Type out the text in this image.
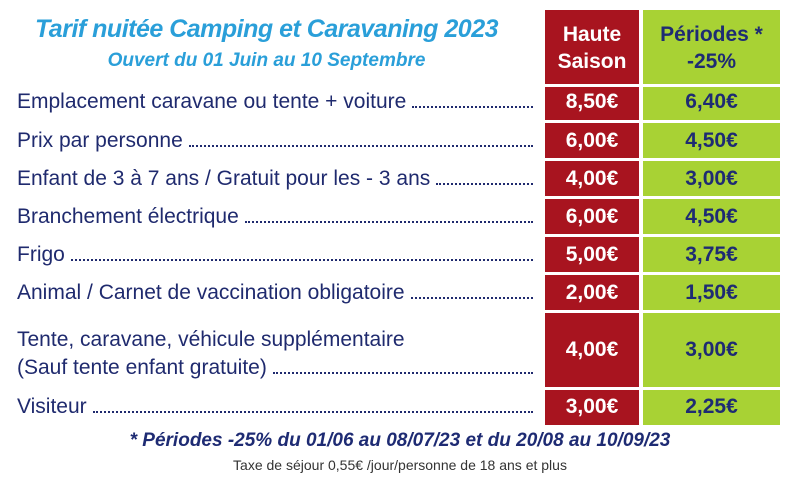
Tarif nuitée Camping et Caravaning 2023
Ouvert du 01 Juin au 10 Septembre
Haute
Saison
Périodes *
-25%
Emplacement caravane ou tente + voiture	8,50€	6,40€
Prix par personne	6,00€	4,50€
Enfant de 3 à 7 ans / Gratuit pour les - 3 ans	4,00€	3,00€
Branchement électrique	6,00€	4,50€
Frigo	5,00€	3,75€
Animal / Carnet de vaccination obligatoire	2,00€	1,50€
Tente, caravane, véhicule supplémentaire
(Sauf tente enfant gratuite)
4,00€	3,00€
Visiteur	3,00€	2,25€
* Périodes -25% du 01/06 au 08/07/23 et du 20/08 au 10/09/23
Taxe de séjour 0,55€ /jour/personne de 18 ans et plus
